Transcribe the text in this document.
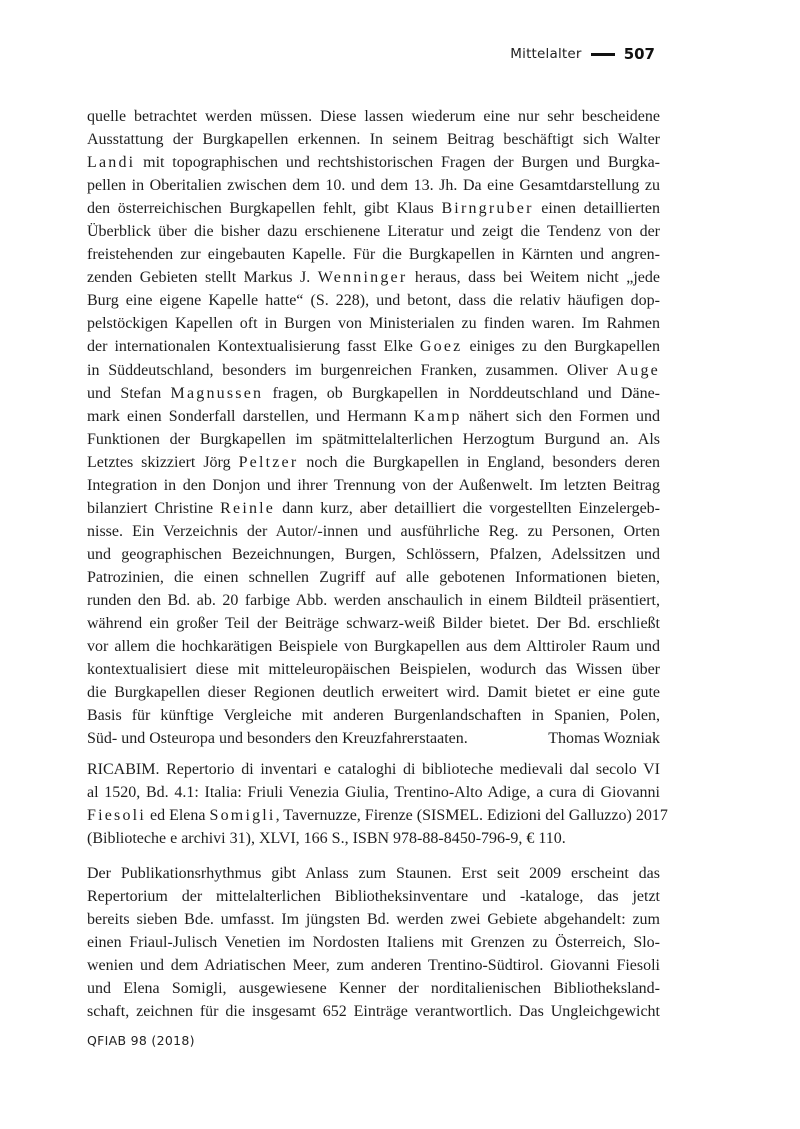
Mittelalter	507

quelle betrachtet werden müssen. Diese lassen wiederum eine nur sehr bescheidene
Ausstattung der Burgkapellen erkennen. In seinem Beitrag beschäftigt sich Walter
Landi mit topographischen und rechtshistorischen Fragen der Burgen und Burgka-
pellen in Oberitalien zwischen dem 10. und dem 13. Jh. Da eine Gesamtdarstellung zu
den österreichischen Burgkapellen fehlt, gibt Klaus Birngruber einen detaillierten
Überblick über die bisher dazu erschienene Literatur und zeigt die Tendenz von der
freistehenden zur eingebauten Kapelle. Für die Burgkapellen in Kärnten und angren-
zenden Gebieten stellt Markus J. Wenninger heraus, dass bei Weitem nicht „jede
Burg eine eigene Kapelle hatte“ (S. 228), und betont, dass die relativ häufigen dop-
pelstöckigen Kapellen oft in Burgen von Ministerialen zu finden waren. Im Rahmen
der internationalen Kontextualisierung fasst Elke Goez einiges zu den Burgkapellen
in Süddeutschland, besonders im burgenreichen Franken, zusammen. Oliver Auge
und Stefan Magnussen fragen, ob Burgkapellen in Norddeutschland und Däne-
mark einen Sonderfall darstellen, und Hermann Kamp nähert sich den Formen und
Funktionen der Burgkapellen im spätmittelalterlichen Herzogtum Burgund an. Als
Letztes skizziert Jörg Peltzer noch die Burgkapellen in England, besonders deren
Integration in den Donjon und ihrer Trennung von der Außenwelt. Im letzten Beitrag
bilanziert Christine Reinle dann kurz, aber detailliert die vorgestellten Einzelergeb-
nisse. Ein Verzeichnis der Autor/-innen und ausführliche Reg. zu Personen, Orten
und geographischen Bezeichnungen, Burgen, Schlössern, Pfalzen, Adelssitzen und
Patrozinien, die einen schnellen Zugriff auf alle gebotenen Informationen bieten,
runden den Bd. ab. 20 farbige Abb. werden anschaulich in einem Bildteil präsentiert,
während ein großer Teil der Beiträge schwarz-weiß Bilder bietet. Der Bd. erschließt
vor allem die hochkarätigen Beispiele von Burgkapellen aus dem Alttiroler Raum und
kontextualisiert diese mit mitteleuropäischen Beispielen, wodurch das Wissen über
die Burgkapellen dieser Regionen deutlich erweitert wird. Damit bietet er eine gute
Basis für künftige Vergleiche mit anderen Burgenlandschaften in Spanien, Polen,

Süd- und Osteuropa und besonders den Kreuzfahrerstaaten.	Thomas Wozniak

RICABIM. Repertorio di inventari e cataloghi di biblioteche medievali dal secolo VI
al 1520, Bd. 4.1: Italia: Friuli Venezia Giulia, Trentino-Alto Adige, a cura di Giovanni
Fiesoli ed Elena Somigli, Tavernuzze, Firenze (SISMEL. Edizioni del Galluzzo) 2017
(Biblioteche e archivi 31), XLVI, 166 S., ISBN 978-88-8450-796-9, € 110.

Der Publikationsrhythmus gibt Anlass zum Staunen. Erst seit 2009 erscheint das
Repertorium der mittelalterlichen Bibliotheksinventare und -kataloge, das jetzt
bereits sieben Bde. umfasst. Im jüngsten Bd. werden zwei Gebiete abgehandelt: zum
einen Friaul-Julisch Venetien im Nordosten Italiens mit Grenzen zu Österreich, Slo-
wenien und dem Adriatischen Meer, zum anderen Trentino-Südtirol. Giovanni Fiesoli
und Elena Somigli, ausgewiesene Kenner der norditalienischen Bibliotheksland-
schaft, zeichnen für die insgesamt 652 Einträge verantwortlich. Das Ungleichgewicht

QFIAB 98 (2018)
